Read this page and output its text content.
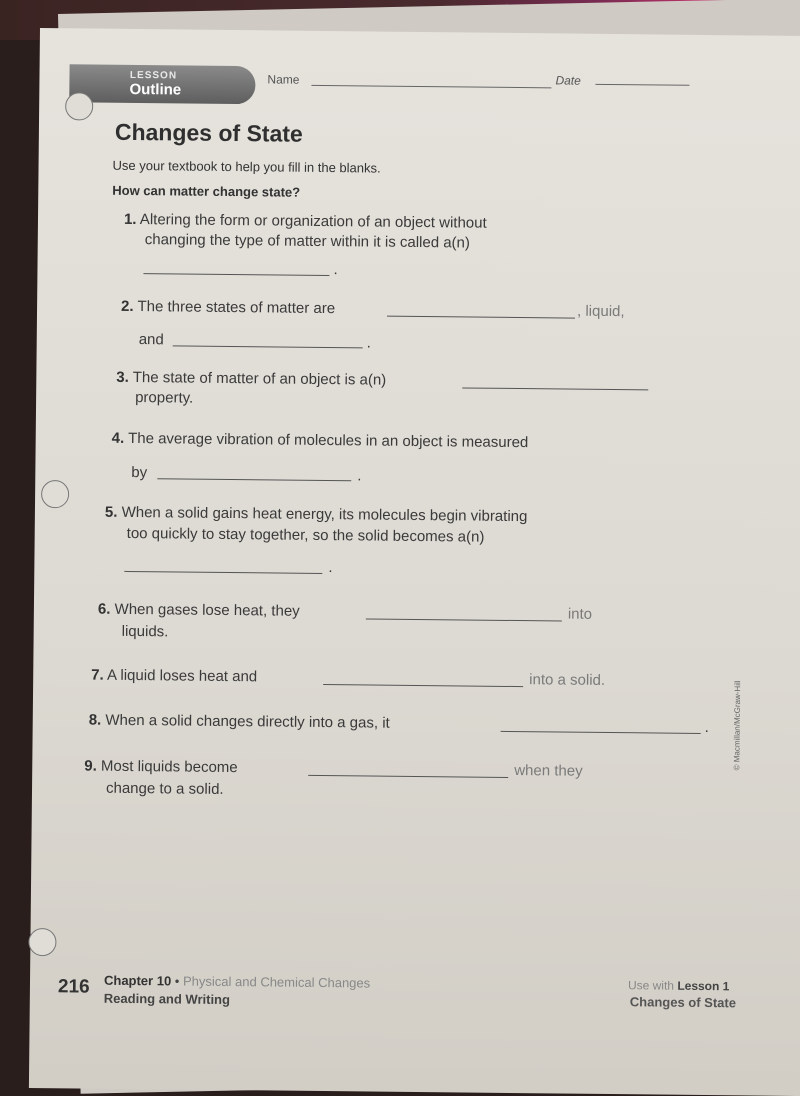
LESSON
Outline
Name	Date
Changes of State
Use your textbook to help you fill in the blanks.
How can matter change state?
1. Altering the form or organization of an object without
changing the type of matter within it is called a(n)
.
2. The three states of matter are	, liquid,
and	.
3. The state of matter of an object is a(n)
property.
4. The average vibration of molecules in an object is measured
by	.
5. When a solid gains heat energy, its molecules begin vibrating
too quickly to stay together, so the solid becomes a(n)
.
6. When gases lose heat, they	into
liquids.
7. A liquid loses heat and	into a solid.
8. When a solid changes directly into a gas, it	.
9. Most liquids become	when they
change to a solid.
© Macmillan/McGraw-Hill
216 Chapter 10 • Physical and Chemical Changes
Reading and Writing
Use with Lesson 1
Changes of State
